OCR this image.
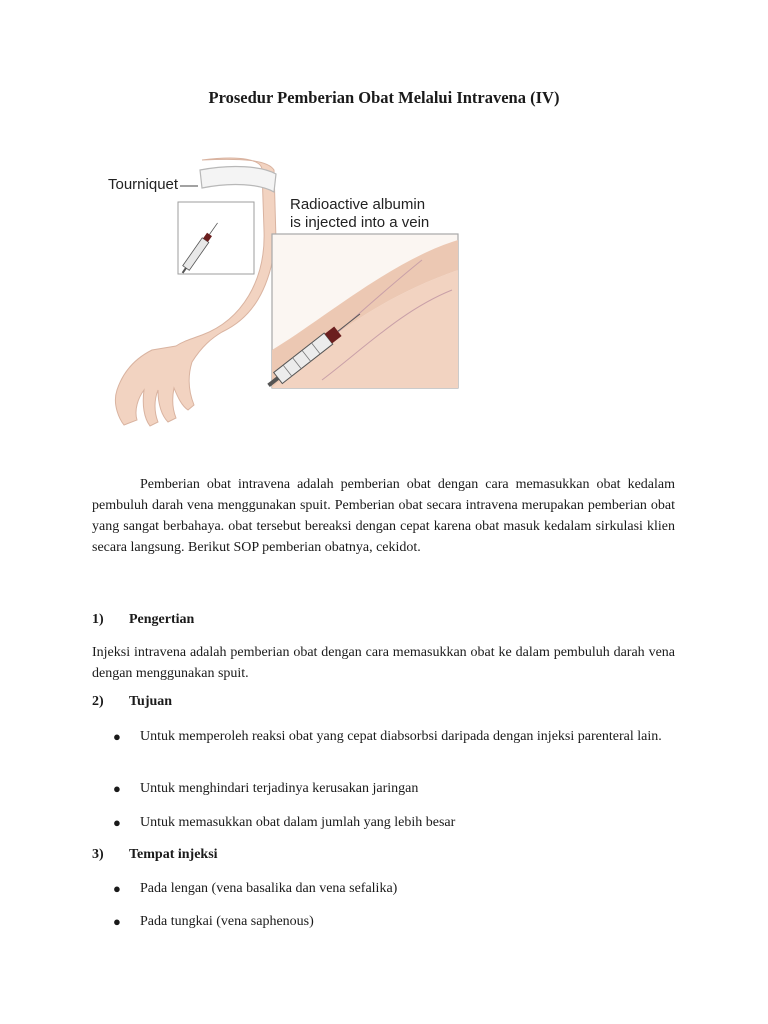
Prosedur Pemberian Obat Melalui Intravena (IV)
Tourniquet
Radioactive albumin
is injected into a vein
Pemberian obat intravena adalah pemberian obat dengan cara memasukkan obat kedalam pembuluh darah vena menggunakan spuit. Pemberian obat secara intravena merupakan pemberian obat yang sangat berbahaya. obat tersebut bereaksi dengan cepat karena obat masuk kedalam sirkulasi klien secara langsung. Berikut SOP pemberian obatnya, cekidot.
1) Pengertian
Injeksi intravena adalah pemberian obat dengan cara memasukkan obat ke dalam pembuluh darah vena dengan menggunakan spuit.
2) Tujuan
●	Untuk memperoleh reaksi obat yang cepat diabsorbsi daripada dengan injeksi parenteral lain.
●	Untuk menghindari terjadinya kerusakan jaringan
●	Untuk memasukkan obat dalam jumlah yang lebih besar
3) Tempat injeksi
●	Pada lengan (vena basalika dan vena sefalika)
●	Pada tungkai (vena saphenous)
